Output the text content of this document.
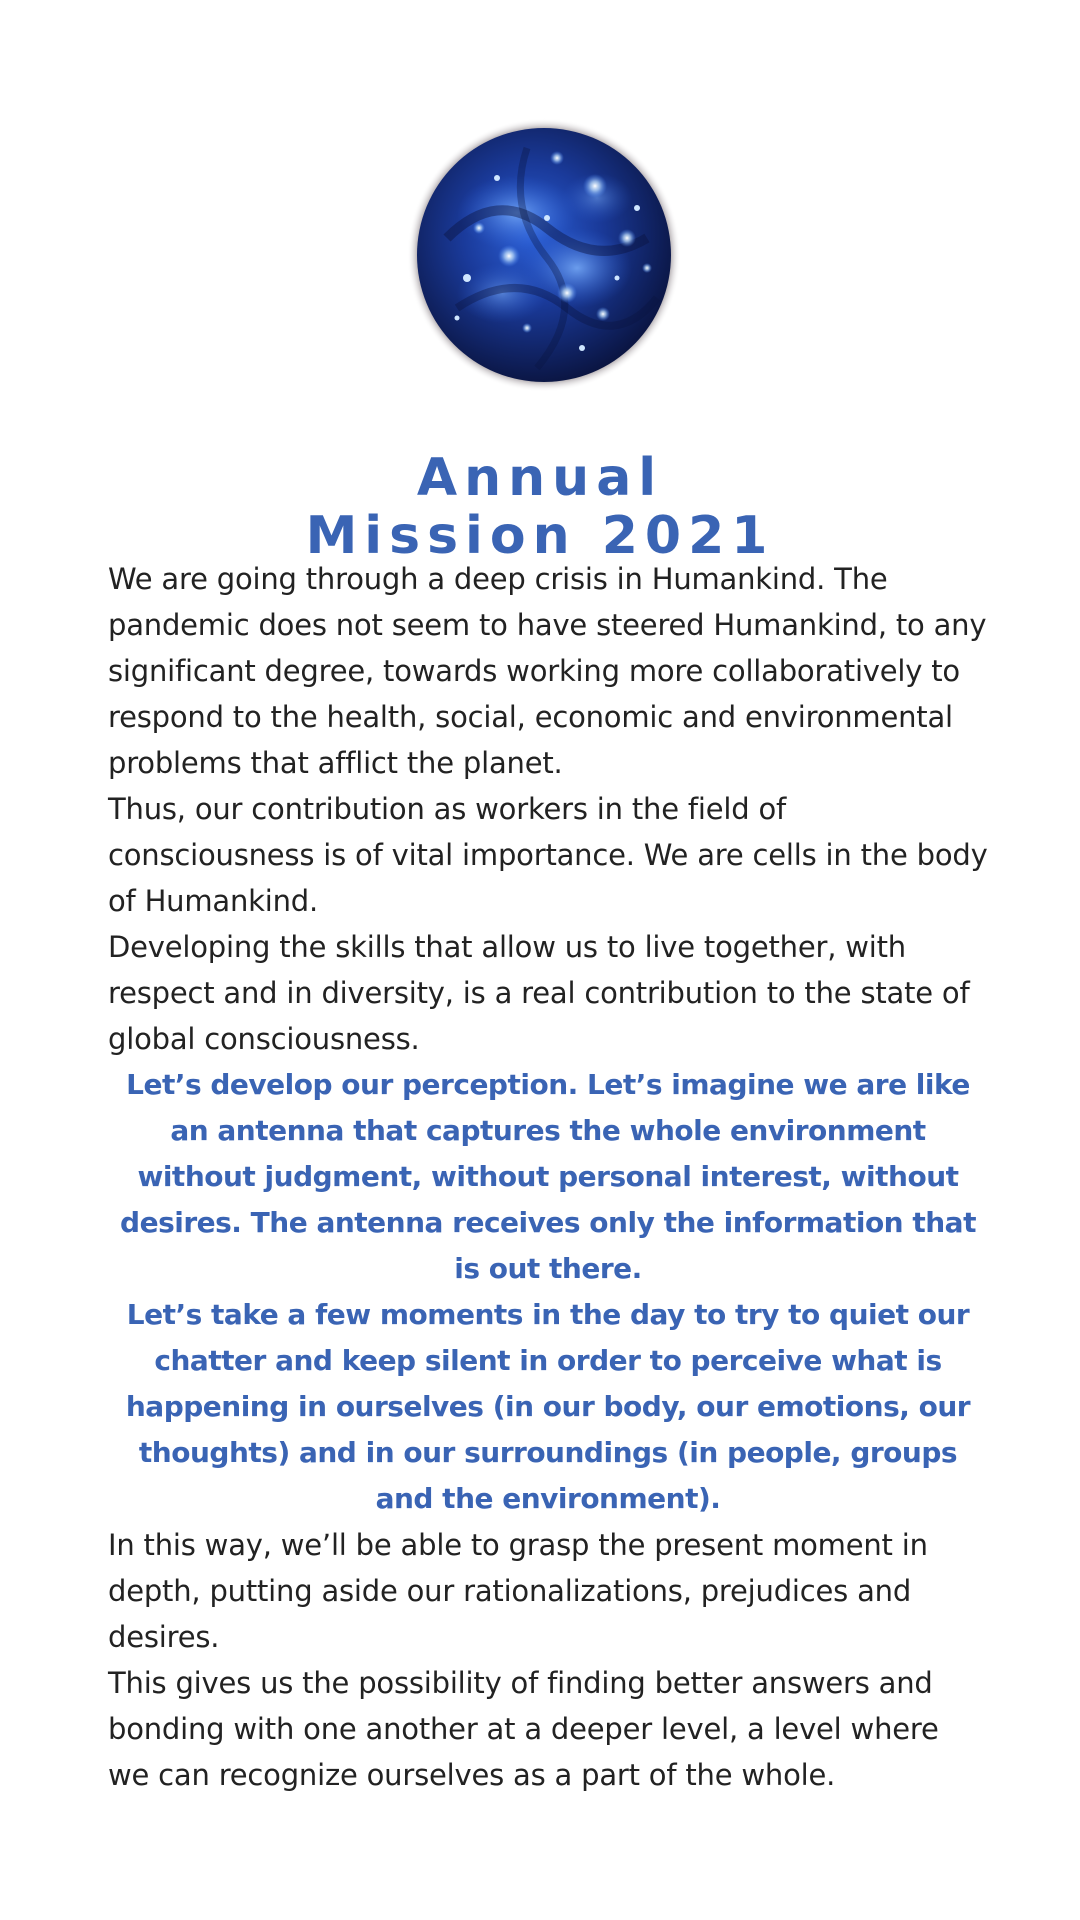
Annual
Mission 2021

We are going through a deep crisis in Humankind. The pandemic does not seem to have steered Humankind, to any significant degree, towards working more collaboratively to respond to the health, social, economic and environmental problems that afflict the planet.

Thus, our contribution as workers in the field of consciousness is of vital importance. We are cells in the body of Humankind.

Developing the skills that allow us to live together, with respect and in diversity, is a real contribution to the state of global consciousness.

Let’s develop our perception. Let’s imagine we are like an antenna that captures the whole environment without judgment, without personal interest, without desires. The antenna receives only the information that is out there.

Let’s take a few moments in the day to try to quiet our chatter and keep silent in order to perceive what is happening in ourselves (in our body, our emotions, our thoughts) and in our surroundings (in people, groups and the environment).

In this way, we’ll be able to grasp the present moment in depth, putting aside our rationalizations, prejudices and desires.

This gives us the possibility of finding better answers and bonding with one another at a deeper level, a level where we can recognize ourselves as a part of the whole.
